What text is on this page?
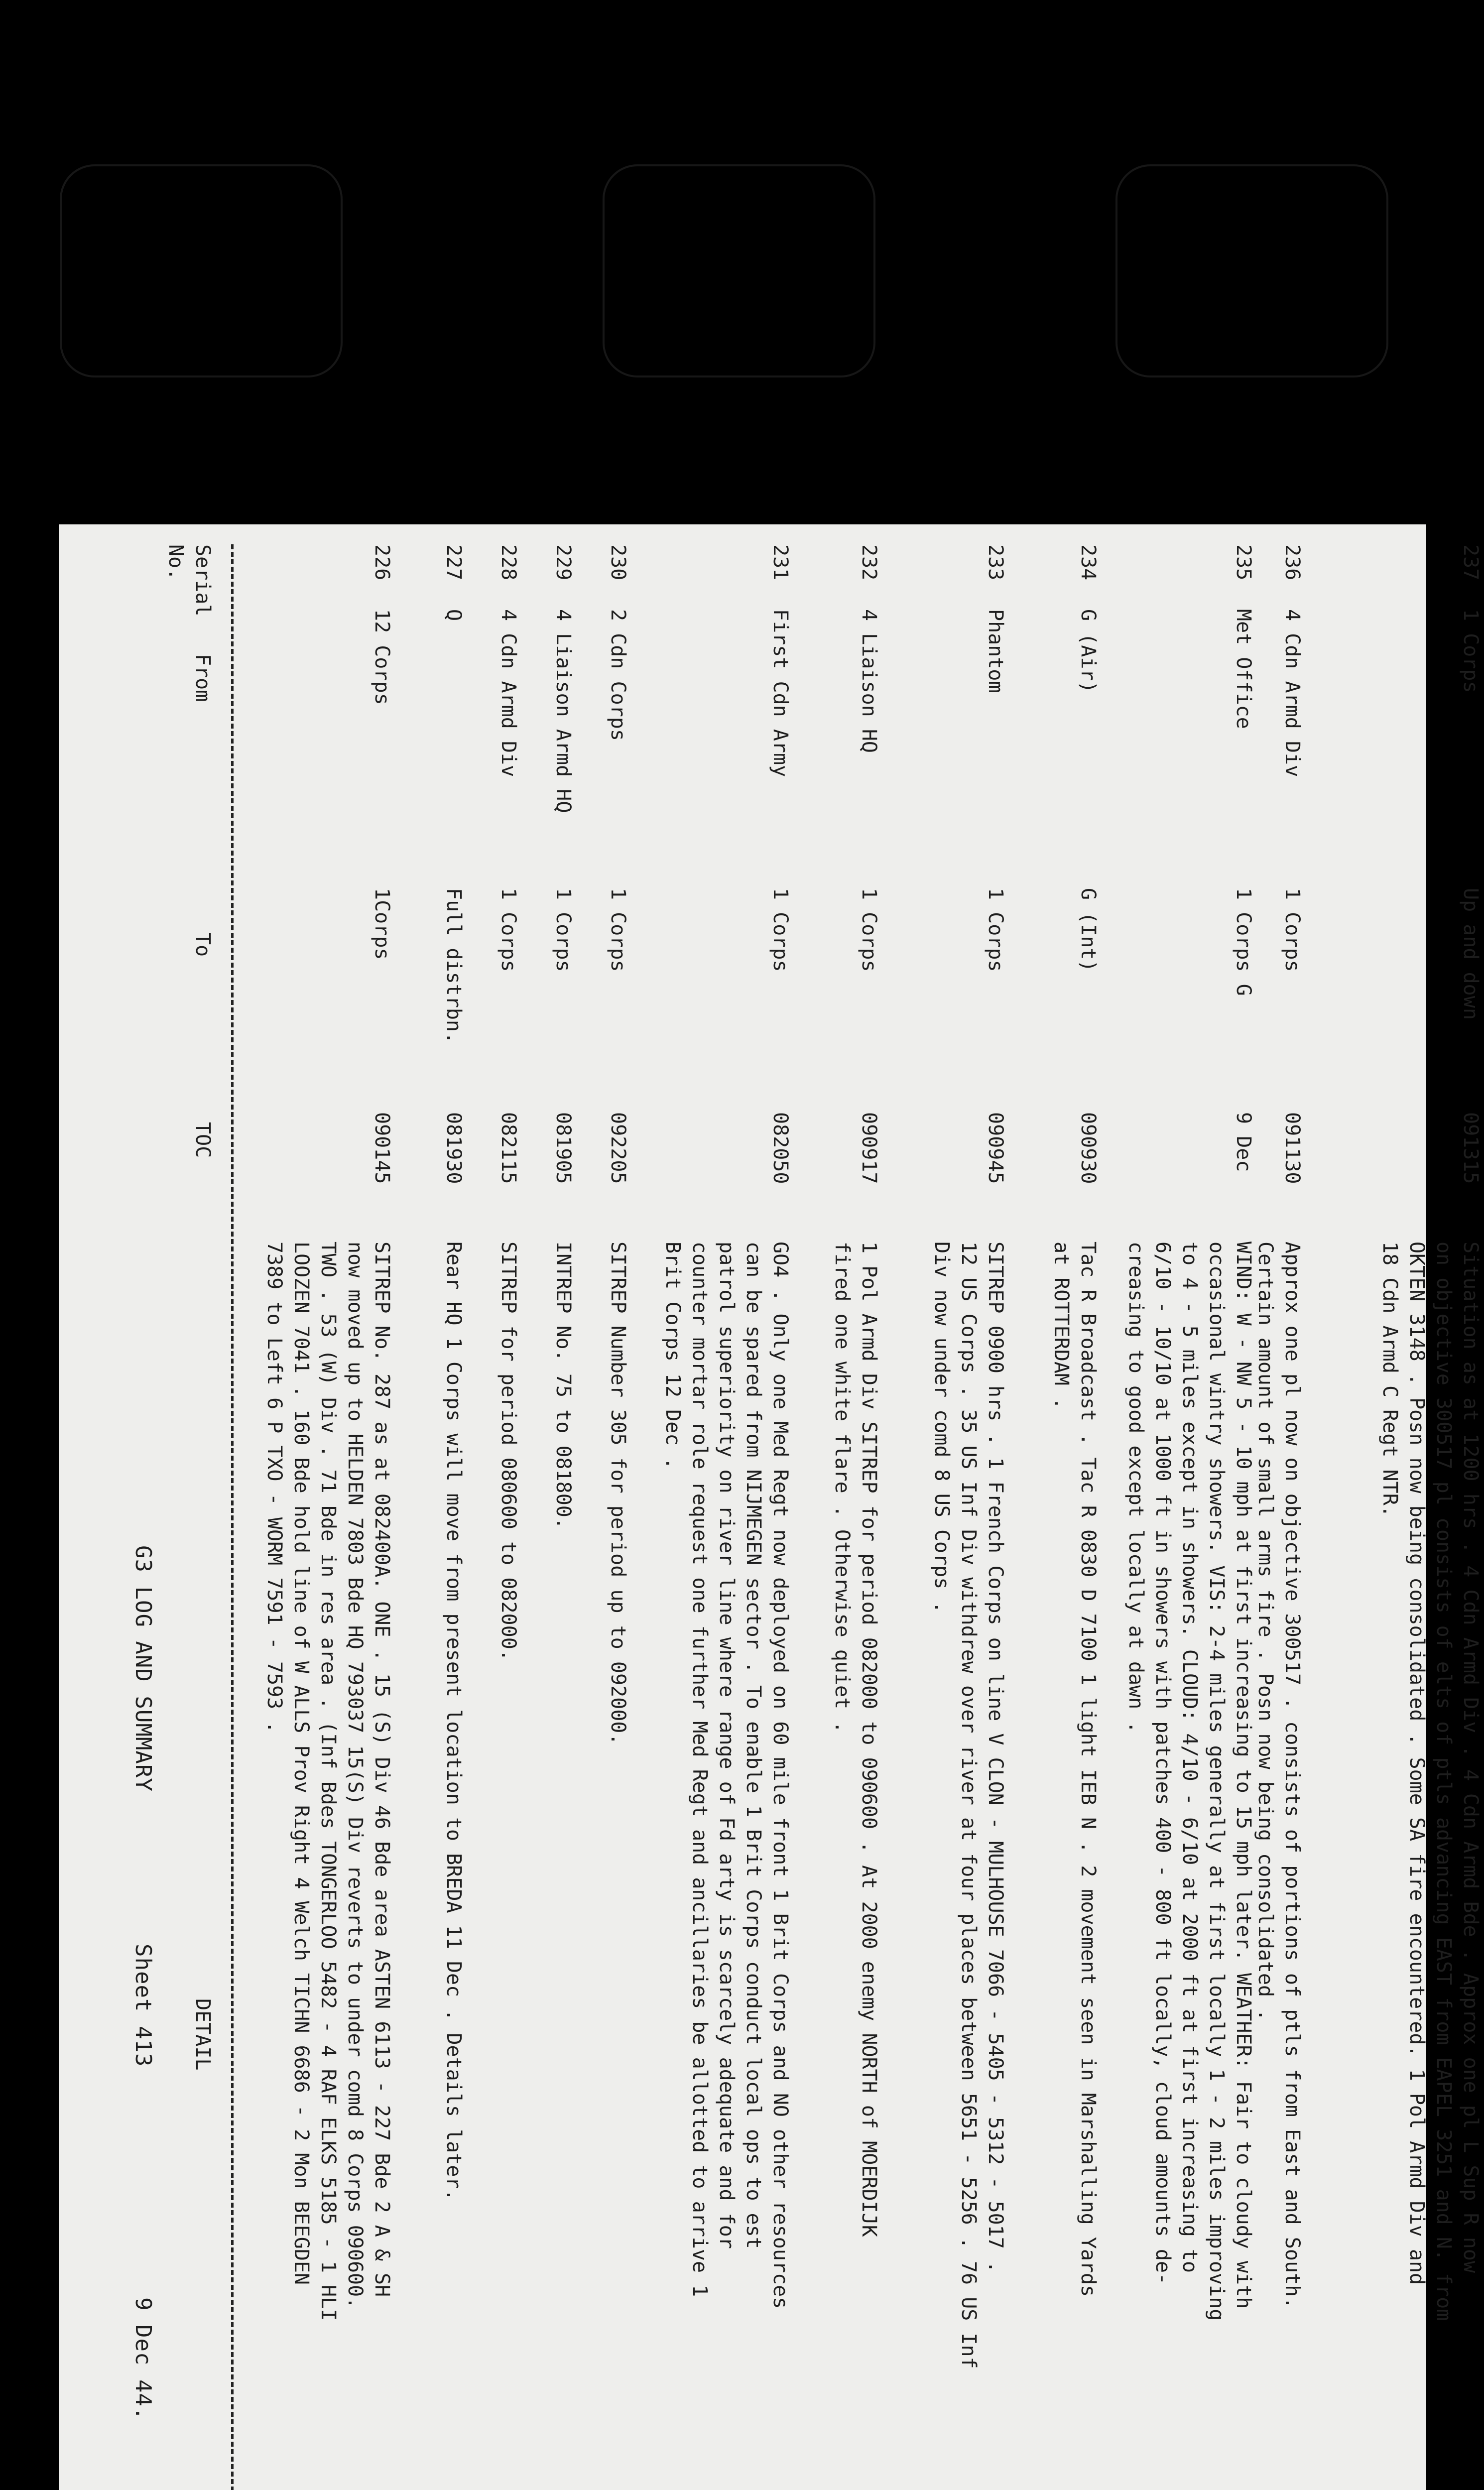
G3 LOG AND SUMMARY
Sheet 413
9 Dec 44.
Serial No.
From
To
TOC
DETAIL
226
12 Corps
1Corps
090145
SITREP No. 287 as at 082400A. ONE . 15 (S) Div 46 Bde area ASTEN 6113 - 227 Bde 2 A & SH
now moved up to HELDEN 7803 Bde HQ 793037 15(S) Div reverts to under comd 8 Corps 090600.
TWO . 53 (W) Div . 71 Bde in res area . (Inf Bdes TONGERLOO 5482 - 4 RAF ELKS 5185 - 1 HLI
LOOZEN 7041 . 160 Bde hold line of W ALLS Prov Right 4 Welch TICHN 6686 - 2 Mon BEEGDEN
7389 to Left 6 P TXO - WORM 7591 - 7593 .
227
Q
Full distrbn.
081930
Rear HQ 1 Corps will move from present location to BREDA 11 Dec . Details later.
228
4 Cdn Armd Div
1 Corps
082115
SITREP for period 080600 to 082000.
229
4 Liaison Armd HQ
1 Corps
081905
INTREP No. 75 to 081800.
230
2 Cdn Corps
1 Corps
092205
SITREP Number 305 for period up to 092000.
231
First Cdn Army
1 Corps
082050
GO4 . Only one Med Regt now deployed on 60 mile front 1 Brit Corps and NO other resources
can be spared from NIJMEGEN sector . To enable 1 Brit Corps conduct local ops to est
patrol superiority on river line where range of Fd arty is scarcely adequate and for
counter mortar role request one further Med Regt and ancillaries be allotted to arrive 1
Brit Corps 12 Dec .
232
4 Liaison HQ
1 Corps
090917
1 Pol Armd Div SITREP for period 082000 to 090600 . At 2000 enemy NORTH of MOERDIJK
fired one white flare . Otherwise quiet .
233
Phantom
1 Corps
090945
SITREP 0900 hrs . 1 French Corps on line V CLON - MULHOUSE 7066 - 5405 - 5312 - 5017 .
12 US Corps . 35 US Inf Div withdrew over river at four places between 5651 - 5256 . 76 US Inf
Div now under comd 8 US Corps .
234
G (Air)
G (Int)
090930
Tac R Broadcast . Tac R 0830 D 7100 1 light IEB N . 2 movement seen in Marshalling Yards
at ROTTERDAM .
235
Met Office
1 Corps G
9 Dec
WIND: W - NW 5 - 10 mph at first increasing to 15 mph later. WEATHER: Fair to cloudy with
occasional wintry showers. VIS: 2-4 miles generally at first locally 1 - 2 miles improving
to 4 - 5 miles except in showers. CLOUD: 4/10 - 6/10 at 2000 ft at first increasing to
6/10 - 10/10 at 1000 ft in showers with patches 400 - 800 ft locally, cloud amounts de-
creasing to good except locally at dawn .
236
4 Cdn Armd Div
1 Corps
091130
Approx one pl now on objective 300517 . consists of portions of ptls from East and South.
Certain amount of small arms fire . Posn now being consolidated .
237
1 Corps
Up and down
091315
Situation as at 1200 hrs . 4 Cdn Armd Div . 4 Cdn Armd Bde . Approx one pl L Sup R now
on objective 300517 pl consists of elts of ptls advancing EAST from EAPEL 3251 and N. from
OKTEN 3148 . Posn now being consolidated . Some SA fire encountered. 1 Pol Armd Div and
18 Cdn Armd C Regt NTR.
